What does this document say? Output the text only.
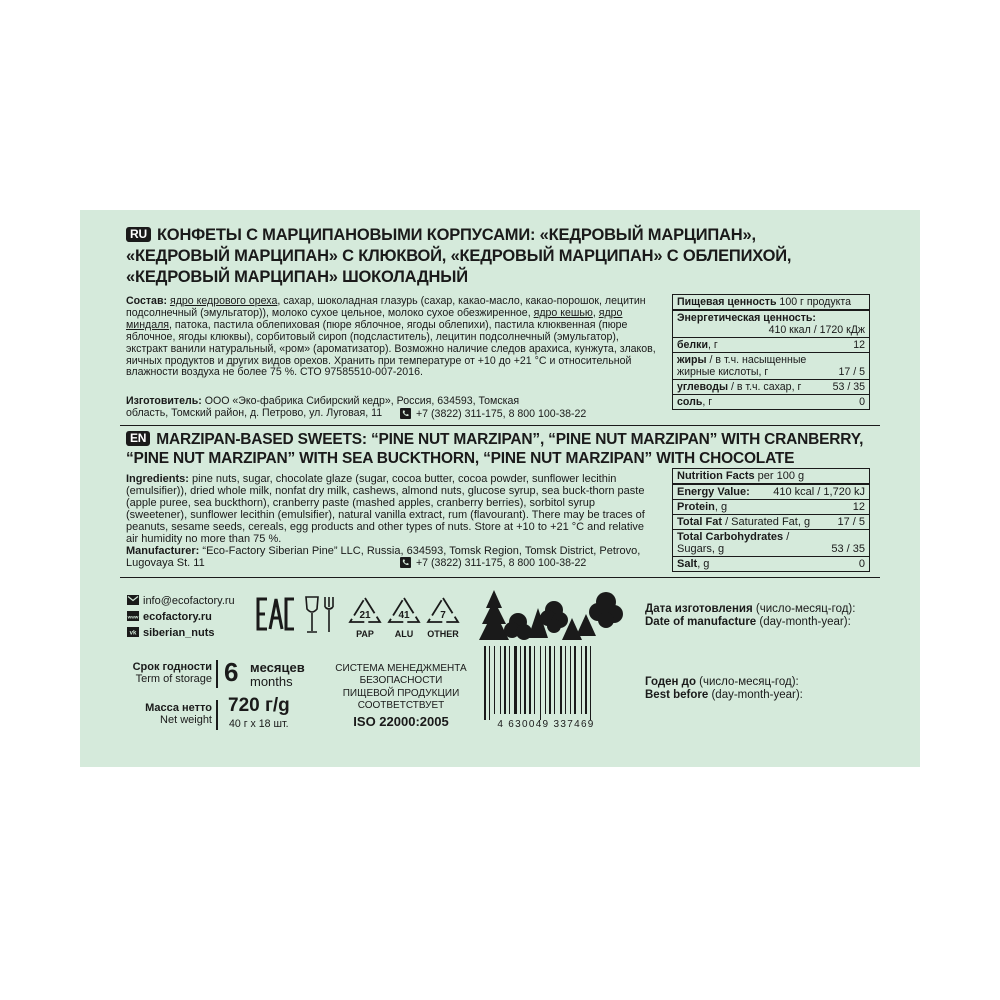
RU КОНФЕТЫ С МАРЦИПАНОВЫМИ КОРПУСАМИ: «КЕДРОВЫЙ МАРЦИПАН»,
«КЕДРОВЫЙ МАРЦИПАН» С КЛЮКВОЙ, «КЕДРОВЫЙ МАРЦИПАН» С ОБЛЕПИХОЙ,
«КЕДРОВЫЙ МАРЦИПАН» ШОКОЛАДНЫЙ
Состав: ядро кедрового ореха, сахар, шоколадная глазурь (сахар, какао-масло, какао-порошок, лецитин подсолнечный (эмульгатор)), молоко сухое цельное, молоко сухое обезжиренное, ядро кешью, ядро миндаля, патока, пастила облепиховая (пюре яблочное, ягоды облепихи), пастила клюквенная (пюре яблочное, ягоды клюквы), сорбитовый сироп (подсластитель), лецитин подсолнечный (эмульгатор), экстракт ванили натуральный, «ром» (ароматизатор). Возможно наличие следов арахиса, кунжута, злаков, яичных продуктов и других видов орехов. Хранить при температуре от +10 до +21 °С и относительной влажности воздуха не более 75 %. СТО 97585510-007-2016.
Изготовитель: ООО «Эко-фабрика Сибирский кедр», Россия, 634593, Томская область, Томский район, д. Петрово, ул. Луговая, 11	+7 (3822) 311-175, 8 800 100-38-22
Пищевая ценность 100 г продукта
Энергетическая ценность:
410 ккал / 1720 кДж
белки, г	12
жиры / в т.ч. насыщенные
жирные кислоты, г	17 / 5
углеводы / в т.ч. сахар, г	53 / 35
соль, г	0
EN MARZIPAN-BASED SWEETS: “PINE NUT MARZIPAN”, “PINE NUT MARZIPAN” WITH CRANBERRY,
“PINE NUT MARZIPAN” WITH SEA BUCKTHORN, “PINE NUT MARZIPAN” WITH CHOCOLATE
Ingredients: pine nuts, sugar, chocolate glaze (sugar, cocoa butter, cocoa powder, sunflower lecithin (emulsifier)), dried whole milk, nonfat dry milk, cashews, almond nuts, glucose syrup, sea buck-thorn paste (apple puree, sea buckthorn), cranberry paste (mashed apples, cranberry berries), sorbitol syrup (sweetener), sunflower lecithin (emulsifier), natural vanilla extract, rum (flavourant). There may be traces of peanuts, sesame seeds, cereals, egg products and other types of nuts. Store at +10 to +21 °C and relative air humidity no more than 75 %.
Manufacturer: “Eco-Factory Siberian Pine” LLC, Russia, 634593, Tomsk Region, Tomsk District, Petrovo, Lugovaya St. 11	+7 (3822) 311-175, 8 800 100-38-22
Nutrition Facts per 100 g
Energy Value: 410 kcal / 1,720 kJ
Protein, g	12
Total Fat / Saturated Fat, g 17 / 5
Total Carbohydrates /
Sugars, g	53 / 35
Salt, g	0
info@ecofactory.ru
www ecofactory.ru
vk siberian_nuts
21
PAP
41
ALU
7
OTHER
4 630049 337469
Срок годности
Term of storage 6 месяцев
months
Масса нетто
Net weight
720 г/g
40 г х 18 шт.
СИСТЕМА МЕНЕДЖМЕНТА
БЕЗОПАСНОСТИ
ПИЩЕВОЙ ПРОДУКЦИИ
СООТВЕТСТВУЕТ
ISO 22000:2005
Дата изготовления (число-месяц-год):
Date of manufacture (day-month-year):
Годен до (число-месяц-год):
Best before (day-month-year):
